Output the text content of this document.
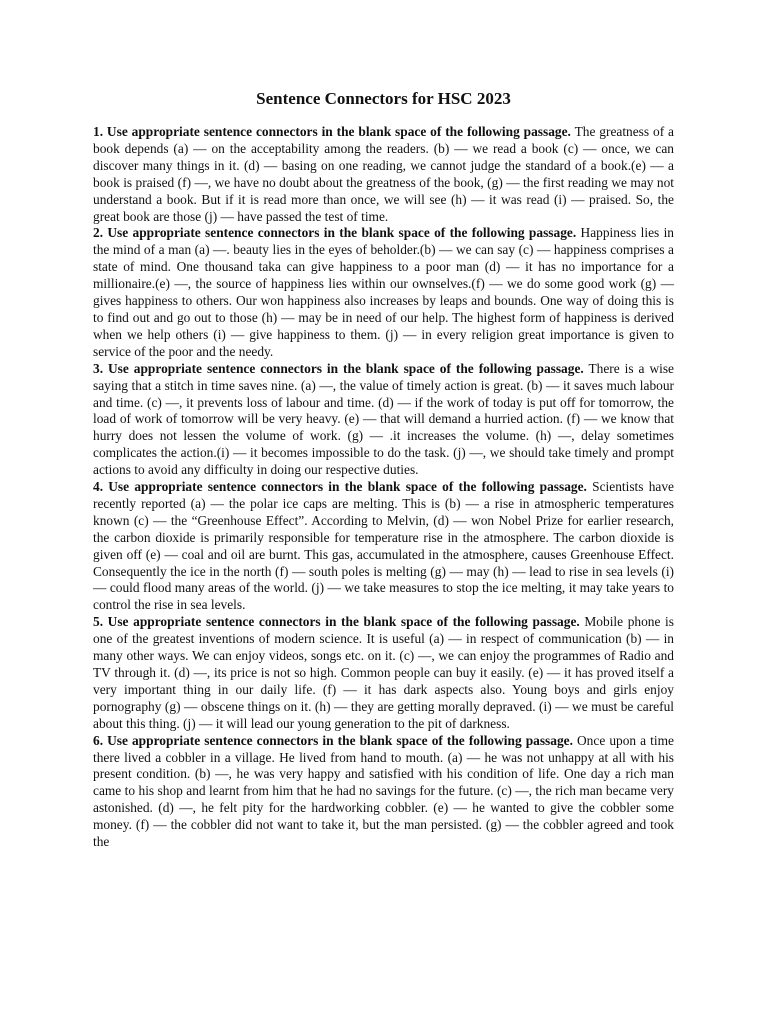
Sentence Connectors for HSC 2023

1. Use appropriate sentence connectors in the blank space of the following passage. The greatness of a book depends (a) — on the acceptability among the readers. (b) — we read a book (c) — once, we can discover many things in it. (d) — basing on one reading, we cannot judge the standard of a book.(e) — a book is praised (f) —, we have no doubt about the greatness of the book, (g) — the first reading we may not understand a book. But if it is read more than once, we will see (h) — it was read (i) — praised. So, the great book are those (j) — have passed the test of time.

2. Use appropriate sentence connectors in the blank space of the following passage. Happiness lies in the mind of a man (a) —. beauty lies in the eyes of beholder.(b) — we can say (c) — happiness comprises a state of mind. One thousand taka can give happiness to a poor man (d) — it has no importance for a millionaire.(e) —, the source of happiness lies within our ownselves.(f) — we do some good work (g) — gives happiness to others. Our won happiness also increases by leaps and bounds. One way of doing this is to find out and go out to those (h) — may be in need of our help. The highest form of happiness is derived when we help others (i) — give happiness to them. (j) — in every religion great importance is given to service of the poor and the needy.

3. Use appropriate sentence connectors in the blank space of the following passage. There is a wise saying that a stitch in time saves nine. (a) —, the value of timely action is great. (b) — it saves much labour and time. (c) —, it prevents loss of labour and time. (d) — if the work of today is put off for tomorrow, the load of work of tomorrow will be very heavy. (e) — that will demand a hurried action. (f) — we know that hurry does not lessen the volume of work. (g) — .it increases the volume. (h) —, delay sometimes complicates the action.(i) — it becomes impossible to do the task. (j) —, we should take timely and prompt actions to avoid any difficulty in doing our respective duties.

4. Use appropriate sentence connectors in the blank space of the following passage. Scientists have recently reported (a) — the polar ice caps are melting. This is (b) — a rise in atmospheric temperatures known (c) — the “Greenhouse Effect”. According to Melvin, (d) — won Nobel Prize for earlier research, the carbon dioxide is primarily responsible for temperature rise in the atmosphere. The carbon dioxide is given off (e) — coal and oil are burnt. This gas, accumulated in the atmosphere, causes Greenhouse Effect. Consequently the ice in the north (f) — south poles is melting (g) — may (h) — lead to rise in sea levels (i) — could flood many areas of the world. (j) — we take measures to stop the ice melting, it may take years to control the rise in sea levels.

5. Use appropriate sentence connectors in the blank space of the following passage. Mobile phone is one of the greatest inventions of modern science. It is useful (a) — in respect of communication (b) — in many other ways. We can enjoy videos, songs etc. on it. (c) —, we can enjoy the programmes of Radio and TV through it. (d) —, its price is not so high. Common people can buy it easily. (e) — it has proved itself a very important thing in our daily life. (f) — it has dark aspects also. Young boys and girls enjoy pornography (g) — obscene things on it. (h) — they are getting morally depraved. (i) — we must be careful about this thing. (j) — it will lead our young generation to the pit of darkness.

6. Use appropriate sentence connectors in the blank space of the following passage. Once upon a time there lived a cobbler in a village. He lived from hand to mouth. (a) — he was not unhappy at all with his present condition. (b) —, he was very happy and satisfied with his condition of life. One day a rich man came to his shop and learnt from him that he had no savings for the future. (c) —, the rich man became very astonished. (d) —, he felt pity for the hardworking cobbler. (e) — he wanted to give the cobbler some money. (f) — the cobbler did not want to take it, but the man persisted. (g) — the cobbler agreed and took the
